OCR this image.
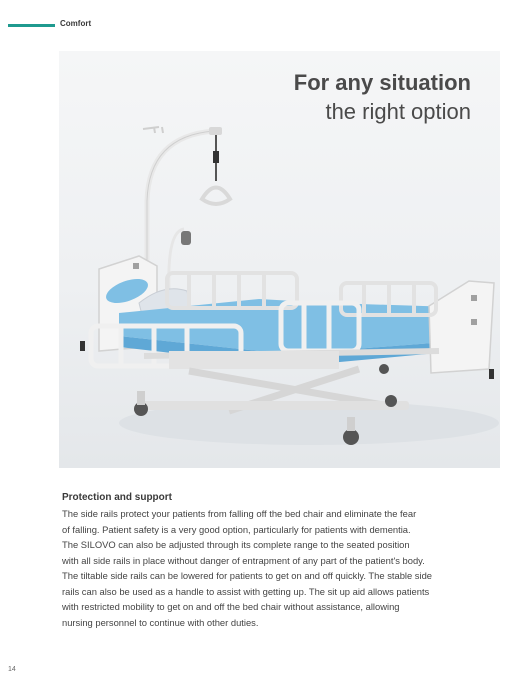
Comfort
For any situation
the right option
Protection and support
The side rails protect your patients from falling off the bed chair and eliminate the fear
of falling. Patient safety is a very good option, particularly for patients with dementia.
The SILOVO can also be adjusted through its complete range to the seated position
with all side rails in place without danger of entrapment of any part of the patient's body.
The tiltable side rails can be lowered for patients to get on and off quickly. The stable side
rails can also be used as a handle to assist with getting up. The sit up aid allows patients
with restricted mobility to get on and off the bed chair without assistance, allowing
nursing personnel to continue with other duties.
14
